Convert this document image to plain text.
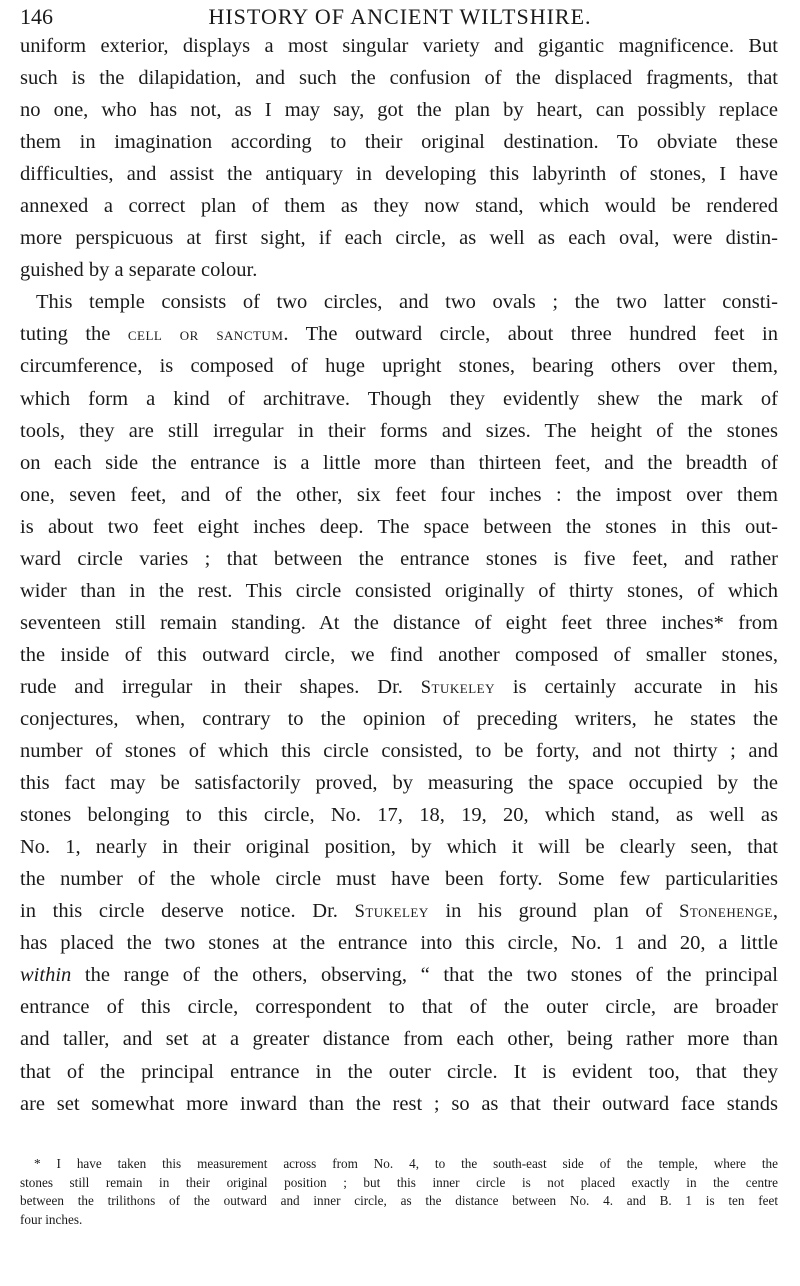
146	HISTORY OF ANCIENT WILTSHIRE.
uniform exterior, displays a most singular variety and gigantic magnificence. But
such is the dilapidation, and such the confusion of the displaced fragments, that
no one, who has not, as I may say, got the plan by heart, can possibly replace
them in imagination according to their original destination. To obviate these
difficulties, and assist the antiquary in developing this labyrinth of stones, I have
annexed a correct plan of them as they now stand, which would be rendered
more perspicuous at first sight, if each circle, as well as each oval, were distin-
guished by a separate colour.
This temple consists of two circles, and two ovals ; the two latter consti-
tuting the cell or sanctum. The outward circle, about three hundred feet in
circumference, is composed of huge upright stones, bearing others over them,
which form a kind of architrave. Though they evidently shew the mark of
tools, they are still irregular in their forms and sizes. The height of the stones
on each side the entrance is a little more than thirteen feet, and the breadth of
one, seven feet, and of the other, six feet four inches : the impost over them
is about two feet eight inches deep. The space between the stones in this out-
ward circle varies ; that between the entrance stones is five feet, and rather
wider than in the rest. This circle consisted originally of thirty stones, of which
seventeen still remain standing. At the distance of eight feet three inches* from
the inside of this outward circle, we find another composed of smaller stones,
rude and irregular in their shapes. Dr. Stukeley is certainly accurate in his
conjectures, when, contrary to the opinion of preceding writers, he states the
number of stones of which this circle consisted, to be forty, and not thirty ; and
this fact may be satisfactorily proved, by measuring the space occupied by the
stones belonging to this circle, No. 17, 18, 19, 20, which stand, as well as
No. 1, nearly in their original position, by which it will be clearly seen, that
the number of the whole circle must have been forty. Some few particularities
in this circle deserve notice. Dr. Stukeley in his ground plan of Stonehenge,
has placed the two stones at the entrance into this circle, No. 1 and 20, a little
within the range of the others, observing, “ that the two stones of the principal
entrance of this circle, correspondent to that of the outer circle, are broader
and taller, and set at a greater distance from each other, being rather more than
that of the principal entrance in the outer circle. It is evident too, that they
are set somewhat more inward than the rest ; so as that their outward face stands
* I have taken this measurement across from No. 4, to the south-east side of the temple, where the
stones still remain in their original position ; but this inner circle is not placed exactly in the centre
between the trilithons of the outward and inner circle, as the distance between No. 4. and B. 1 is ten feet
four inches.
